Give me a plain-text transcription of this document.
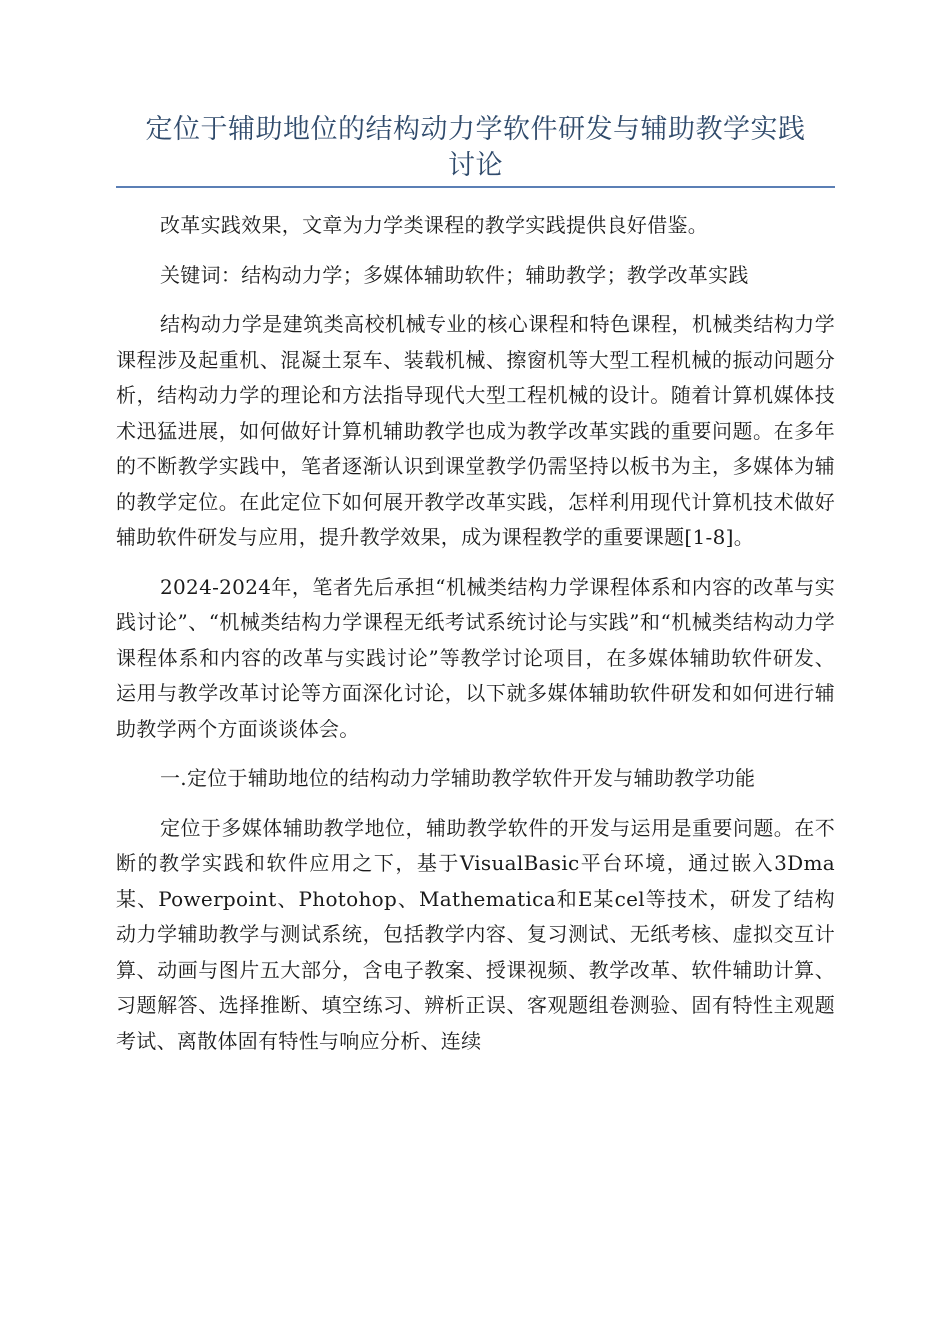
定位于辅助地位的结构动力学软件研发与辅助教学实践
讨论

改革实践效果，文章为力学类课程的教学实践提供良好借鉴。

关键词：结构动力学；多媒体辅助软件；辅助教学；教学改革实践

结构动力学是建筑类高校机械专业的核心课程和特色课程，机械类结构力学课程涉及起重机、混凝土泵车、装载机械、擦窗机等大型工程机械的振动问题分析，结构动力学的理论和方法指导现代大型工程机械的设计。随着计算机媒体技术迅猛进展，如何做好计算机辅助教学也成为教学改革实践的重要问题。在多年的不断教学实践中，笔者逐渐认识到课堂教学仍需坚持以板书为主，多媒体为辅的教学定位。在此定位下如何展开教学改革实践，怎样利用现代计算机技术做好辅助软件研发与应用，提升教学效果，成为课程教学的重要课题[1-8]。

2024-2024年，笔者先后承担“机械类结构力学课程体系和内容的改革与实践讨论”、“机械类结构力学课程无纸考试系统讨论与实践”和“机械类结构动力学课程体系和内容的改革与实践讨论”等教学讨论项目，在多媒体辅助软件研发、运用与教学改革讨论等方面深化讨论，以下就多媒体辅助软件研发和如何进行辅助教学两个方面谈谈体会。

一.定位于辅助地位的结构动力学辅助教学软件开发与辅助教学功能

定位于多媒体辅助教学地位，辅助教学软件的开发与运用是重要问题。在不断的教学实践和软件应用之下，基于VisualBasic平台环境，通过嵌入3Dma某、Powerpoint、Photohop、Mathematica和E某cel等技术，研发了结构动力学辅助教学与测试系统，包括教学内容、复习测试、无纸考核、虚拟交互计算、动画与图片五大部分，含电子教案、授课视频、教学改革、软件辅助计算、习题解答、选择推断、填空练习、辨析正误、客观题组卷测验、固有特性主观题考试、离散体固有特性与响应分析、连续
